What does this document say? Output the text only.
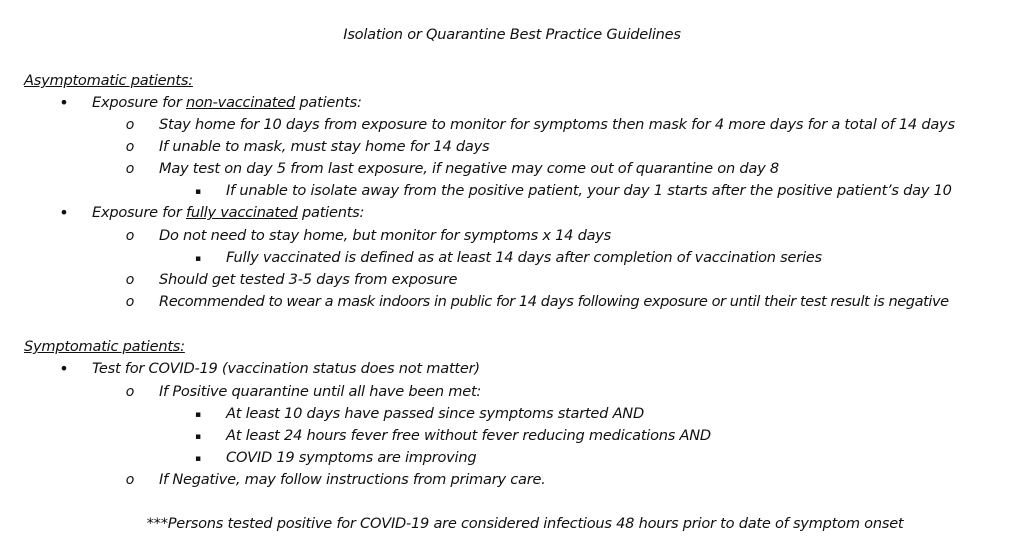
Isolation or Quarantine Best Practice Guidelines
Asymptomatic patients:
• Exposure for non-vaccinated patients:
o Stay home for 10 days from exposure to monitor for symptoms then mask for 4 more days for a total of 14 days
o If unable to mask, must stay home for 14 days
o May test on day 5 from last exposure, if negative may come out of quarantine on day 8
▪ If unable to isolate away from the positive patient, your day 1 starts after the positive patient’s day 10
• Exposure for fully vaccinated patients:
o Do not need to stay home, but monitor for symptoms x 14 days
▪ Fully vaccinated is defined as at least 14 days after completion of vaccination series
o Should get tested 3-5 days from exposure
o Recommended to wear a mask indoors in public for 14 days following exposure or until their test result is negative
Symptomatic patients:
• Test for COVID-19 (vaccination status does not matter)
o If Positive quarantine until all have been met:
▪ At least 10 days have passed since symptoms started AND
▪ At least 24 hours fever free without fever reducing medications AND
▪ COVID 19 symptoms are improving
o If Negative, may follow instructions from primary care.
***Persons tested positive for COVID-19 are considered infectious 48 hours prior to date of symptom onset
